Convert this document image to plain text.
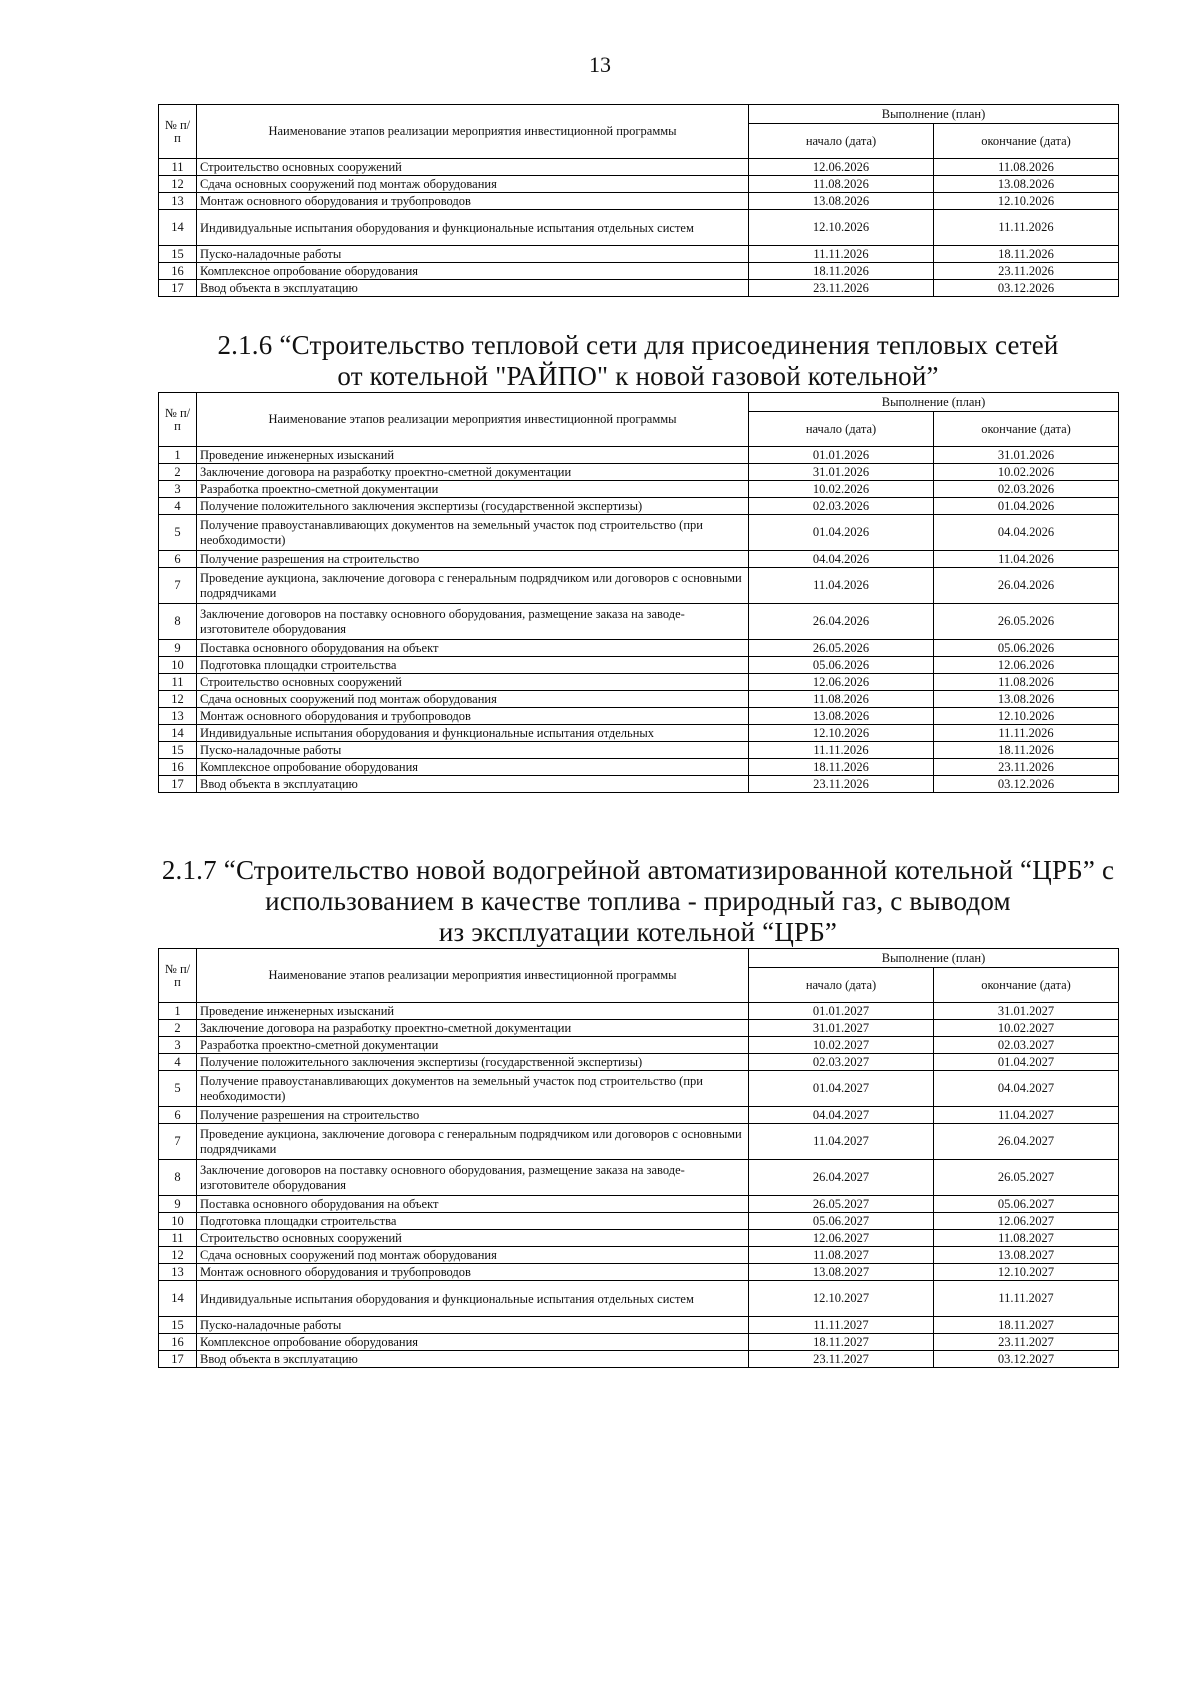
13
№ п/п	Наименование этапов реализации мероприятия инвестиционной программы	Выполнение (план)	
		начало (дата)	окончание (дата)
11	Строительство основных сооружений	12.06.2026	11.08.2026
12	Сдача основных сооружений под монтаж оборудования	11.08.2026	13.08.2026
13	Монтаж основного оборудования и трубопроводов	13.08.2026	12.10.2026
14	Индивидуальные испытания оборудования и функциональные испытания отдельных систем	12.10.2026	11.11.2026
15	Пуско-наладочные работы	11.11.2026	18.11.2026
16	Комплексное опробование оборудования	18.11.2026	23.11.2026
17	Ввод объекта в эксплуатацию	23.11.2026	03.12.2026
2.1.6 “Строительство тепловой сети для присоединения тепловых сетей
от котельной "РАЙПО" к новой газовой котельной”
№ п/п	Наименование этапов реализации мероприятия инвестиционной программы	Выполнение (план)	
		начало (дата)	окончание (дата)
1	Проведение инженерных изысканий	01.01.2026	31.01.2026
2	Заключение договора на разработку проектно-сметной документации	31.01.2026	10.02.2026
3	Разработка проектно-сметной документации	10.02.2026	02.03.2026
4	Получение положительного заключения экспертизы (государственной экспертизы)	02.03.2026	01.04.2026
5	Получение правоустанавливающих документов на земельный участок под строительство (при необходимости)	01.04.2026	04.04.2026
6	Получение разрешения на строительство	04.04.2026	11.04.2026
7	Проведение аукциона, заключение договора с генеральным подрядчиком или договоров с основными подрядчиками	11.04.2026	26.04.2026
8	Заключение договоров на поставку основного оборудования, размещение заказа на заводе-изготовителе оборудования	26.04.2026	26.05.2026
9	Поставка основного оборудования на объект	26.05.2026	05.06.2026
10	Подготовка площадки строительства	05.06.2026	12.06.2026
11	Строительство основных сооружений	12.06.2026	11.08.2026
12	Сдача основных сооружений под монтаж оборудования	11.08.2026	13.08.2026
13	Монтаж основного оборудования и трубопроводов	13.08.2026	12.10.2026
14	Индивидуальные испытания оборудования и функциональные испытания отдельных	12.10.2026	11.11.2026
15	Пуско-наладочные работы	11.11.2026	18.11.2026
16	Комплексное опробование оборудования	18.11.2026	23.11.2026
17	Ввод объекта в эксплуатацию	23.11.2026	03.12.2026
2.1.7 “Строительство новой водогрейной автоматизированной котельной “ЦРБ” с
использованием в качестве топлива - природный газ, с выводом
из эксплуатации котельной “ЦРБ”
№ п/п	Наименование этапов реализации мероприятия инвестиционной программы	Выполнение (план)	
		начало (дата)	окончание (дата)
1	Проведение инженерных изысканий	01.01.2027	31.01.2027
2	Заключение договора на разработку проектно-сметной документации	31.01.2027	10.02.2027
3	Разработка проектно-сметной документации	10.02.2027	02.03.2027
4	Получение положительного заключения экспертизы (государственной экспертизы)	02.03.2027	01.04.2027
5	Получение правоустанавливающих документов на земельный участок под строительство (при необходимости)	01.04.2027	04.04.2027
6	Получение разрешения на строительство	04.04.2027	11.04.2027
7	Проведение аукциона, заключение договора с генеральным подрядчиком или договоров с основными подрядчиками	11.04.2027	26.04.2027
8	Заключение договоров на поставку основного оборудования, размещение заказа на заводе-изготовителе оборудования	26.04.2027	26.05.2027
9	Поставка основного оборудования на объект	26.05.2027	05.06.2027
10	Подготовка площадки строительства	05.06.2027	12.06.2027
11	Строительство основных сооружений	12.06.2027	11.08.2027
12	Сдача основных сооружений под монтаж оборудования	11.08.2027	13.08.2027
13	Монтаж основного оборудования и трубопроводов	13.08.2027	12.10.2027
14	Индивидуальные испытания оборудования и функциональные испытания отдельных систем	12.10.2027	11.11.2027
15	Пуско-наладочные работы	11.11.2027	18.11.2027
16	Комплексное опробование оборудования	18.11.2027	23.11.2027
17	Ввод объекта в эксплуатацию	23.11.2027	03.12.2027
